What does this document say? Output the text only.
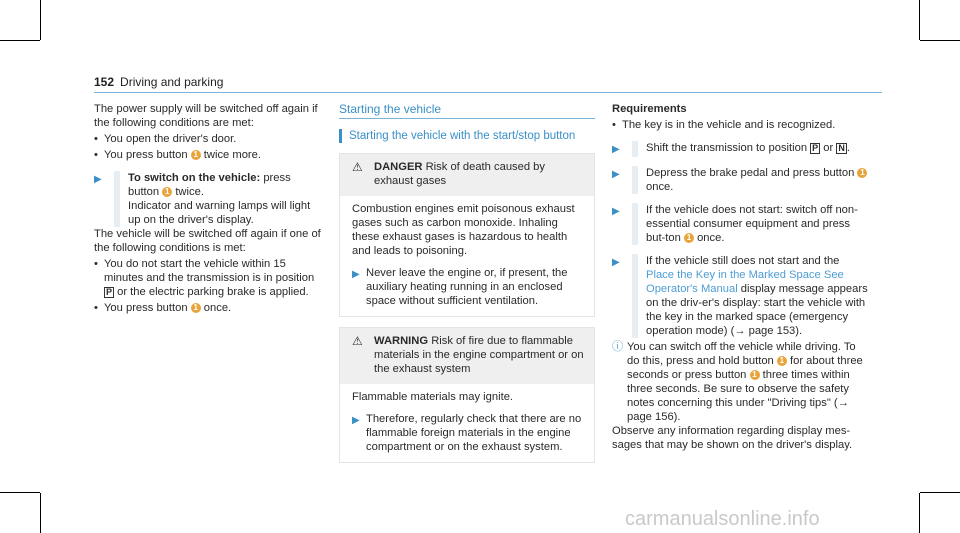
152 Driving and parking

The power supply will be switched off again if the following conditions are met:

• You open the driver's door.
• You press button 1 twice more.
▶	To switch on the vehicle: press button 1 twice.
Indicator and warning lamps will light up on the driver's display.

The vehicle will be switched off again if one of the following conditions is met:

• You do not start the vehicle within 15 minutes and the transmission is in position P or the electric parking brake is applied.
• You press button 1 once.
Starting the vehicle
Starting the vehicle with the start/stop button
⚠	DANGER Risk of death caused by exhaust gases
Combustion engines emit poisonous exhaust gases such as carbon monoxide. Inhaling these exhaust gases is hazardous to health and leads to poisoning.
▶ Never leave the engine or, if present, the auxiliary heating running in an enclosed space without sufficient ventilation.
⚠	WARNING Risk of fire due to flammable materials in the engine compartment or on the exhaust system
Flammable materials may ignite.
▶ Therefore, regularly check that there are no flammable foreign materials in the engine compartment or on the exhaust system.
Requirements
• The key is in the vehicle and is recognized.
▶	Shift the transmission to position P or N .
▶	Depress the brake pedal and press button 1
once.
▶	If the vehicle does not start: switch off non-essential consumer equipment and press but-ton 1 once.
▶	If the vehicle still does not start and the Place the Key in the Marked Space See Operator's Manual display message appears on the driv-er's display: start the vehicle with the key in the marked space (emergency operation mode) (→ page 153).
ⓘ You can switch off the vehicle while driving. To do this, press and hold button 1 for about three seconds or press button 1 three times within three seconds. Be sure to observe the safety notes concerning this under "Driving tips" (→ page 156).

Observe any information regarding display mes-sages that may be shown on the driver's display.

carmanualsonline.info
